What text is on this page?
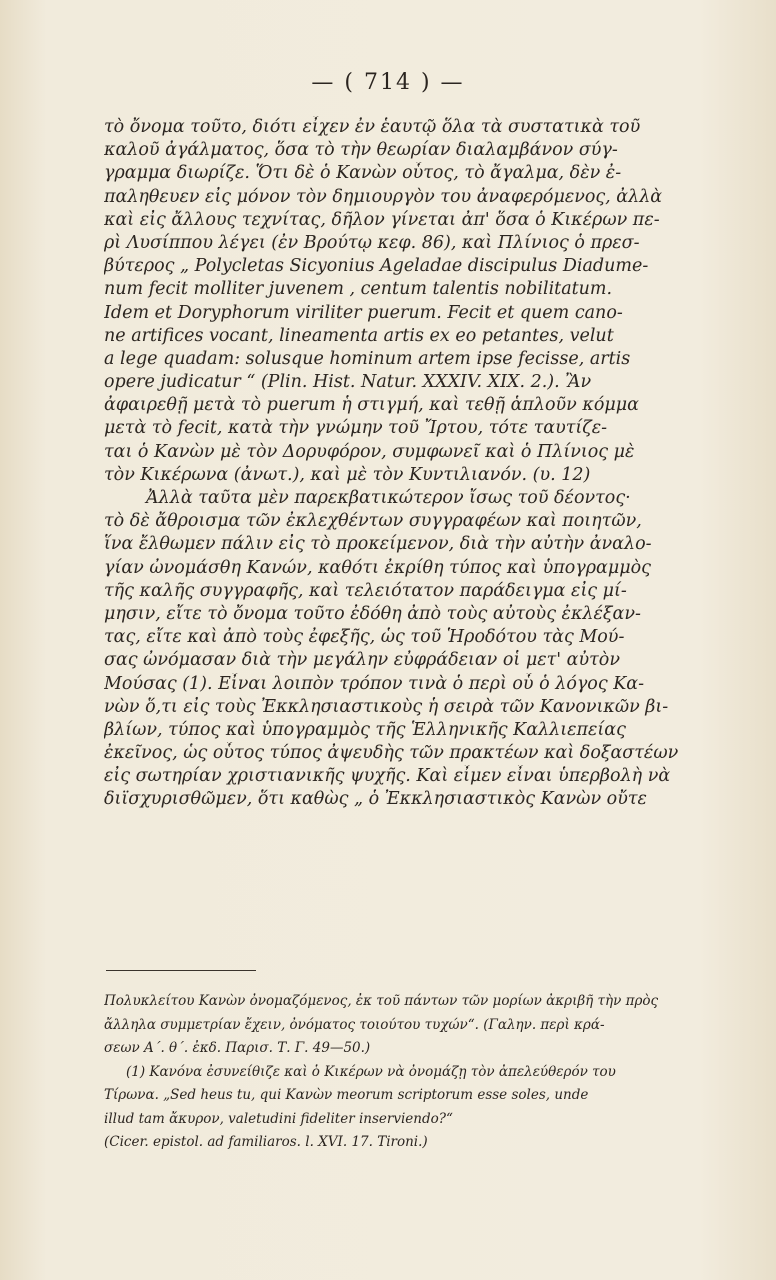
— ( 714 ) —
τὸ ὄνομα τοῦτο, διότι εἶχεν ἐν ἑαυτῷ ὅλα τὰ συστατικὰ τοῦ
καλοῦ ἀγάλματος, ὅσα τὸ τὴν θεωρίαν διαλαμβάνον σύγ-
γραμμα διωρίζε. Ὅτι δὲ ὁ Κανὼν οὗτος, τὸ ἄγαλμα, δὲν ἐ-
παληθευεν εἰς μόνον τὸν δημιουργὸν του ἀναφερόμενος, ἀλλὰ
καὶ εἰς ἄλλους τεχνίτας, δῆλον γίνεται ἀπ' ὅσα ὁ Κικέρων πε-
ρὶ Λυσίππου λέγει (ἐν Βρούτῳ κεφ. 86), καὶ Πλίνιος ὁ πρεσ-
βύτερος „ Polycletas Sicyonius Ageladae discipulus Diadume-
num fecit molliter juvenem , centum talentis nobilitatum.
Idem et Doryphorum viriliter puerum. Fecit et quem cano-
ne artifices vocant, lineamenta artis ex eo petantes, velut
a lege quadam: solusque hominum artem ipse fecisse, artis
opere judicatur “ (Plin. Hist. Natur. XXXIV. XIX. 2.). Ἂν
ἀφαιρεθῇ μετὰ τὸ puerum ἡ στιγμή, καὶ τεθῇ ἁπλοῦν κόμμα
μετὰ τὸ fecit, κατὰ τὴν γνώμην τοῦ Ἴρτου, τότε ταυτίζε-
ται ὁ Κανὼν μὲ τὸν Δορυφόρον, συμφωνεῖ καὶ ὁ Πλίνιος μὲ
τὸν Κικέρωνα (ἀνωτ.), καὶ μὲ τὸν Κυντιλιανόν. (υ. 12)
Ἀλλὰ ταῦτα μὲν παρεκβατικώτερον ἴσως τοῦ δέοντος·
τὸ δὲ ἄθροισμα τῶν ἐκλεχθέντων συγγραφέων καὶ ποιητῶν,
ἵνα ἔλθωμεν πάλιν εἰς τὸ προκείμενον, διὰ τὴν αὐτὴν ἀναλο-
γίαν ὠνομάσθη Κανών, καθότι ἐκρίθη τύπος καὶ ὑπογραμμὸς
τῆς καλῆς συγγραφῆς, καὶ τελειότατον παράδειγμα εἰς μί-
μησιν, εἴτε τὸ ὄνομα τοῦτο ἐδόθη ἀπὸ τοὺς αὐτοὺς ἐκλέξαν-
τας, εἴτε καὶ ἀπὸ τοὺς ἐφεξῆς, ὡς τοῦ Ἡροδότου τὰς Μού-
σας ὠνόμασαν διὰ τὴν μεγάλην εὐφράδειαν οἱ μετ' αὐτὸν
Μούσας (1). Εἶναι λοιπὸν τρόπον τινὰ ὁ περὶ οὗ ὁ λόγος Κα-
νὼν ὅ,τι εἰς τοὺς Ἐκκλησιαστικοὺς ἡ σειρὰ τῶν Κανονικῶν βι-
βλίων, τύπος καὶ ὑπογραμμὸς τῆς Ἑλληνικῆς Καλλιεπείας
ἐκεῖνος, ὡς οὗτος τύπος ἀψευδὴς τῶν πρακτέων καὶ δοξαστέων
εἰς σωτηρίαν χριστιανικῆς ψυχῆς. Καὶ εἶμεν εἶναι ὑπερβολὴ νὰ
διϊσχυρισθῶμεν, ὅτι καθὼς „ ὁ Ἐκκλησιαστικὸς Κανὼν οὔτε
Πολυκλείτου Κανὼν ὀνομαζόμενος, ἐκ τοῦ πάντων τῶν μορίων ἀκριβῆ τὴν πρὸς
ἄλληλα συμμετρίαν ἔχειν, ὀνόματος τοιούτου τυχών“. (Γαλην. περὶ κρά-
σεων Α΄. θ΄. ἐκδ. Παρισ. Τ. Γ. 49—50.)
(1) Κανόνα ἐσυνείθιζε καὶ ὁ Κικέρων νὰ ὀνομάζῃ τὸν ἀπελεύθερόν του
Τίρωνα. „Sed heus tu, qui Κανὼν meorum scriptorum esse soles, unde
illud tam ἄκυρον, valetudini fideliter inserviendo?“
(Cicer. epistol. ad familiaros. l. XVI. 17. Tironi.)
